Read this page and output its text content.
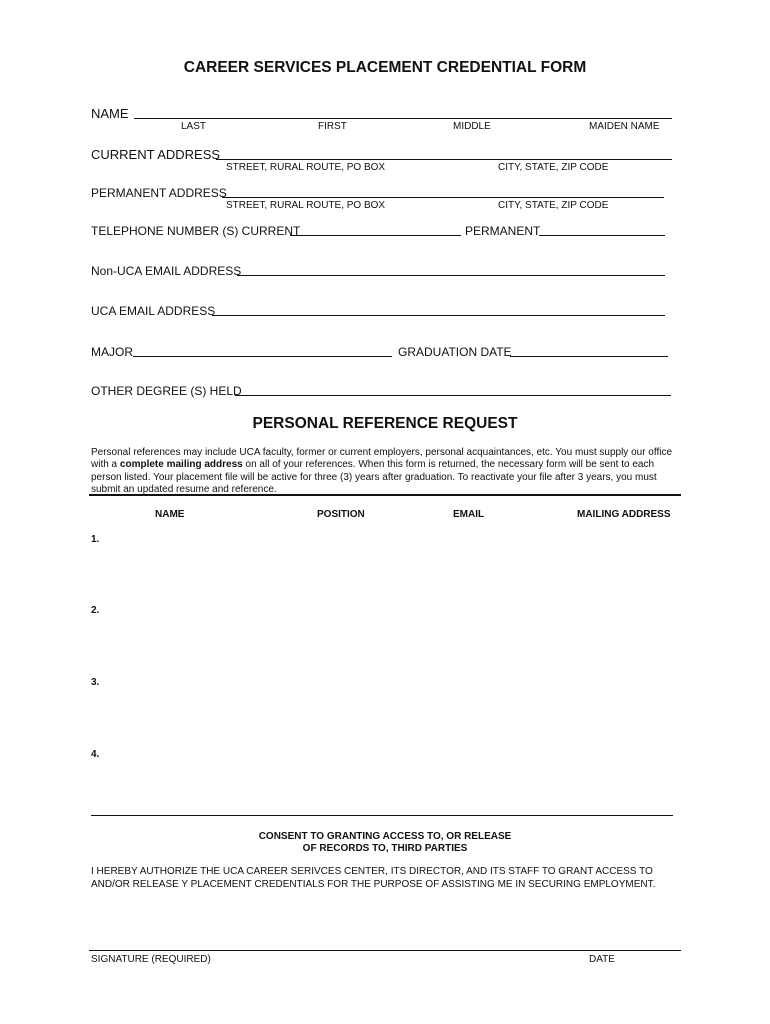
CAREER SERVICES PLACEMENT CREDENTIAL FORM
NAME
LAST	FIRST	MIDDLE	MAIDEN NAME
CURRENT ADDRESS
STREET, RURAL ROUTE, PO BOX	CITY, STATE, ZIP CODE
PERMANENT ADDRESS
STREET, RURAL ROUTE, PO BOX	CITY, STATE, ZIP CODE
TELEPHONE NUMBER (S) CURRENT	PERMANENT
Non-UCA EMAIL ADDRESS
UCA EMAIL ADDRESS
MAJOR	GRADUATION DATE
OTHER DEGREE (S) HELD
PERSONAL REFERENCE REQUEST
Personal references may include UCA faculty, former or current employers, personal acquaintances, etc. You must supply our office with a complete mailing address on all of your references. When this form is returned, the necessary form will be sent to each person listed. Your placement file will be active for three (3) years after graduation. To reactivate your file after 3 years, you must submit an updated resume and reference.
NAME	POSITION	EMAIL	MAILING ADDRESS
1.
2.
3.
4.
CONSENT TO GRANTING ACCESS TO, OR RELEASE
OF RECORDS TO, THIRD PARTIES
I HEREBY AUTHORIZE THE UCA CAREER SERIVCES CENTER, ITS DIRECTOR, AND ITS STAFF TO GRANT ACCESS TO
AND/OR RELEASE Y PLACEMENT CREDENTIALS FOR THE PURPOSE OF ASSISTING ME IN SECURING EMPLOYMENT.
SIGNATURE (REQUIRED)	DATE
